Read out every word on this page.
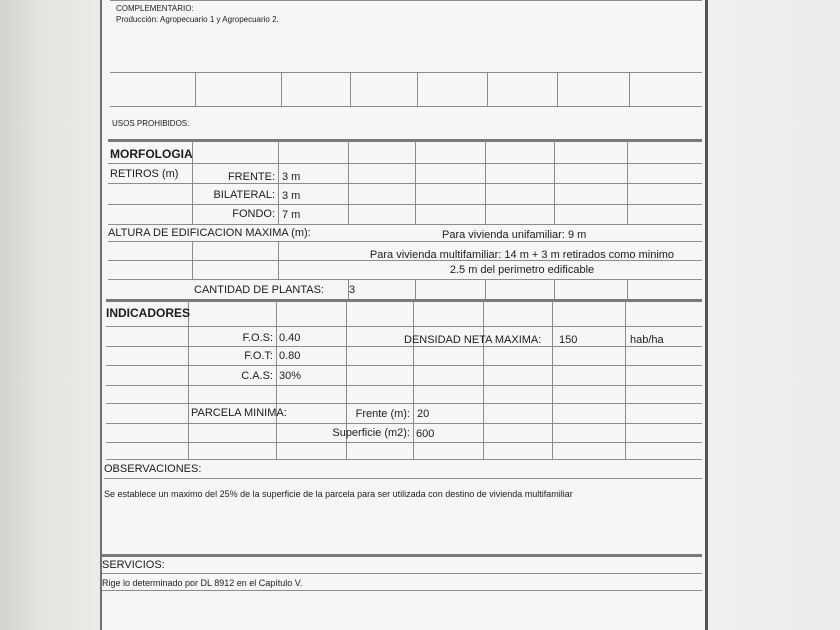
COMPLEMENTARIO:
Producción: Agropecuario 1 y Agropecuario 2.
USOS PROHIBIDOS:
MORFOLOGIA
RETIROS (m)	FRENTE: 3 m
BILATERAL: 3 m
FONDO: 7 m
ALTURA DE EDIFICACION MAXIMA (m):	Para vivienda unifamiliar: 9 m
Para vivienda multifamiliar: 14 m + 3 m retirados como minimo
2.5 m del perimetro edificable
CANTIDAD DE PLANTAS: 3
INDICADORES
F.O.S: 0.40
F.O.T: 0.80
C.A.S: 30%
DENSIDAD NETA MAXIMA: 150	hab/ha
PARCELA MINIMA:	Frente (m): 20
Superficie (m2): 600
OBSERVACIONES:
Se establece un maximo del 25% de la superficie de la parcela para ser utilizada con destino de vivienda multifamiliar
SERVICIOS:
Rige lo determinado por DL 8912 en el Capítulo V.
